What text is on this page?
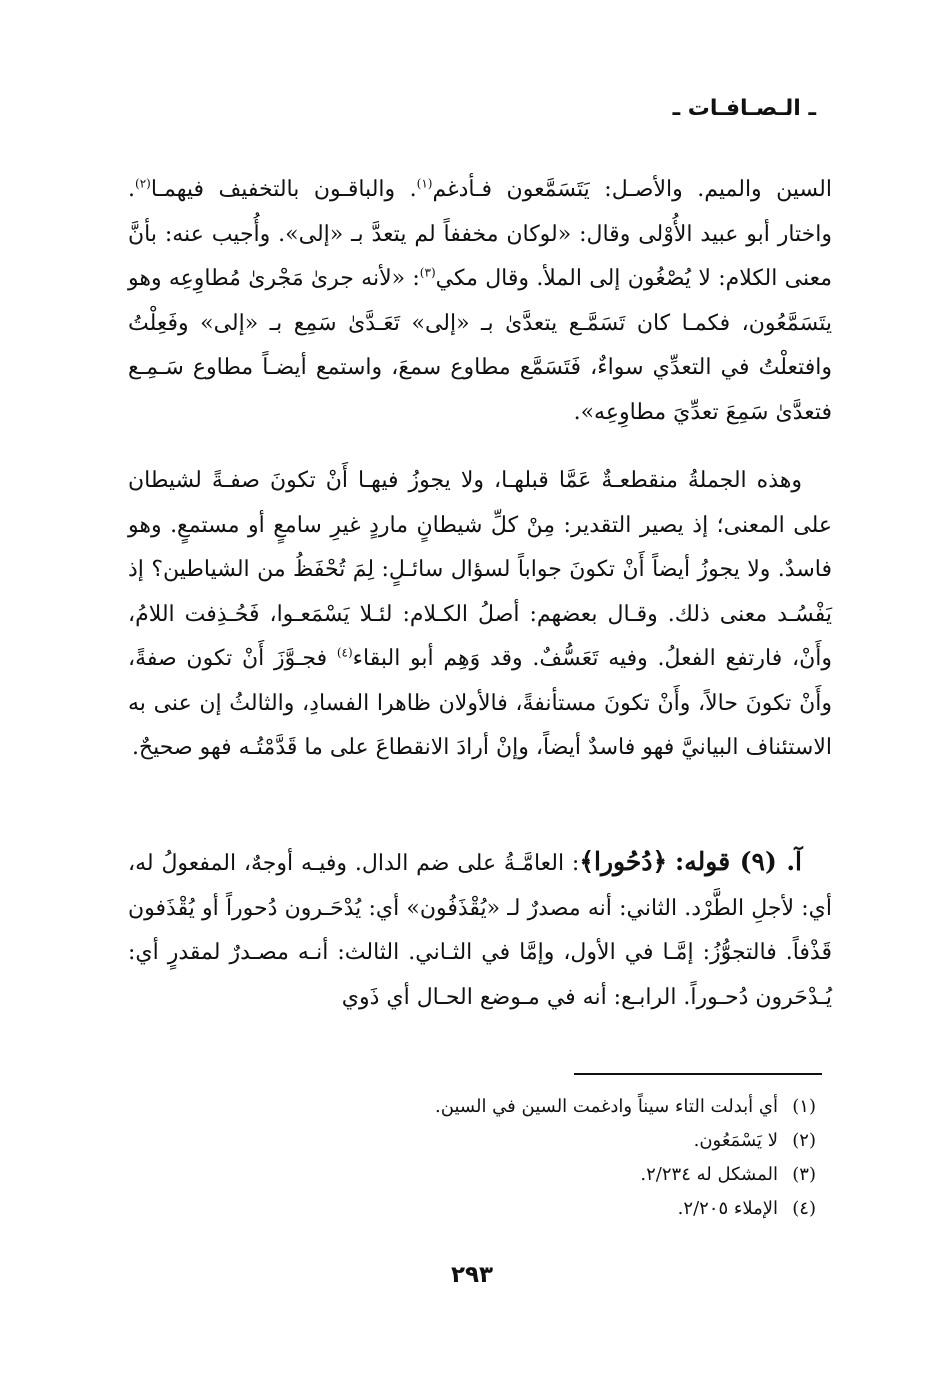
ـ الـصـافـات ـ

السين والميم. والأصـل: يَتَسَمَّعون فـأدغم$^{(١)}$. والباقـون بالتخفيف فيهمـا$^{(٢)}$. واختار أبو عبيد الأُوْلى وقال: «لوكان مخففاً لم يتعدَّ بـ «إلى». وأُجيب عنه: بأنَّ معنى الكلام: لا يُصْغُون إلى الملأ. وقال مكي$^{(٣)}$: «لأنه جرىٰ مَجْرىٰ مُطاوِعِه وهو يتَسَمَّعُون، فكمـا كان تَسَمَّـع يتعدَّىٰ بـ «إلى» تَعَـدَّىٰ سَمِع بـ «إلى» وفَعِلْتُ وافتعلْتُ في التعدِّي سواءٌ، فَتَسَمَّع مطاوع سمعَ، واستمع أيضـاً مطاوع سَـمِـع فتعدَّىٰ سَمِعَ تعدِّيَ مطاوِعِه».

وهذه الجملةُ منقطعـةٌ عَمَّا قبلهـا، ولا يجوزُ فيهـا أَنْ تكونَ صفـةً لشيطان على المعنى؛ إذ يصير التقدير: مِنْ كلِّ شيطانٍ ماردٍ غيرِ سامعٍ أو مستمعٍ. وهو فاسدٌ. ولا يجوزُ أيضاً أَنْ تكونَ جواباً لسؤال سائـلٍ: لِمَ تُحْفَظُ من الشياطين؟ إذ يَفْسُـد معنى ذلك. وقـال بعضهم: أصلُ الكـلام: لئـلا يَسْمَعـوا، فَحُـذِفت اللامُ، وأَنْ، فارتفع الفعلُ. وفيه تَعَسُّفٌ. وقد وَهِم أبو البقاء$^{(٤)}$ فجـوَّزَ أَنْ تكون صفةً، وأَنْ تكونَ حالاً، وأَنْ تكونَ مستأنفةً، فالأولان ظاهرا الفسادِ، والثالثُ إن عنى به الاستئناف البيانيَّ فهو فاسدٌ أيضاً، وإنْ أرادَ الانقطاعَ على ما قَدَّمْتُـه فهو صحيحٌ.

آ. (٩) قوله: ﴿دُحُورا﴾: العامَّـةُ على ضم الدال. وفيـه أوجهٌ، المفعولُ له، أي: لأجلِ الطَّرْد. الثاني: أنه مصدرٌ لـ «يُقْذَفُون» أي: يُدْحَـرون دُحوراً أو يُقْذَفون قَذْفاً. فالتجوُّزُ: إمَّـا في الأول، وإمَّا في الثـاني. الثالث: أنـه مصـدرٌ لمقدرٍ أي: يُـدْحَرون دُحـوراً. الرابـع: أنه في مـوضع الحـال أي ذَوي

(١)
أي أبدلت التاء سيناً وادغمت السين في السين.
(٢)
لا يَسْمَعُون.
(٣)
المشكل له ٢/٢٣٤.
(٤)
الإملاء ٢/٢٠٥.
٢٩٣
